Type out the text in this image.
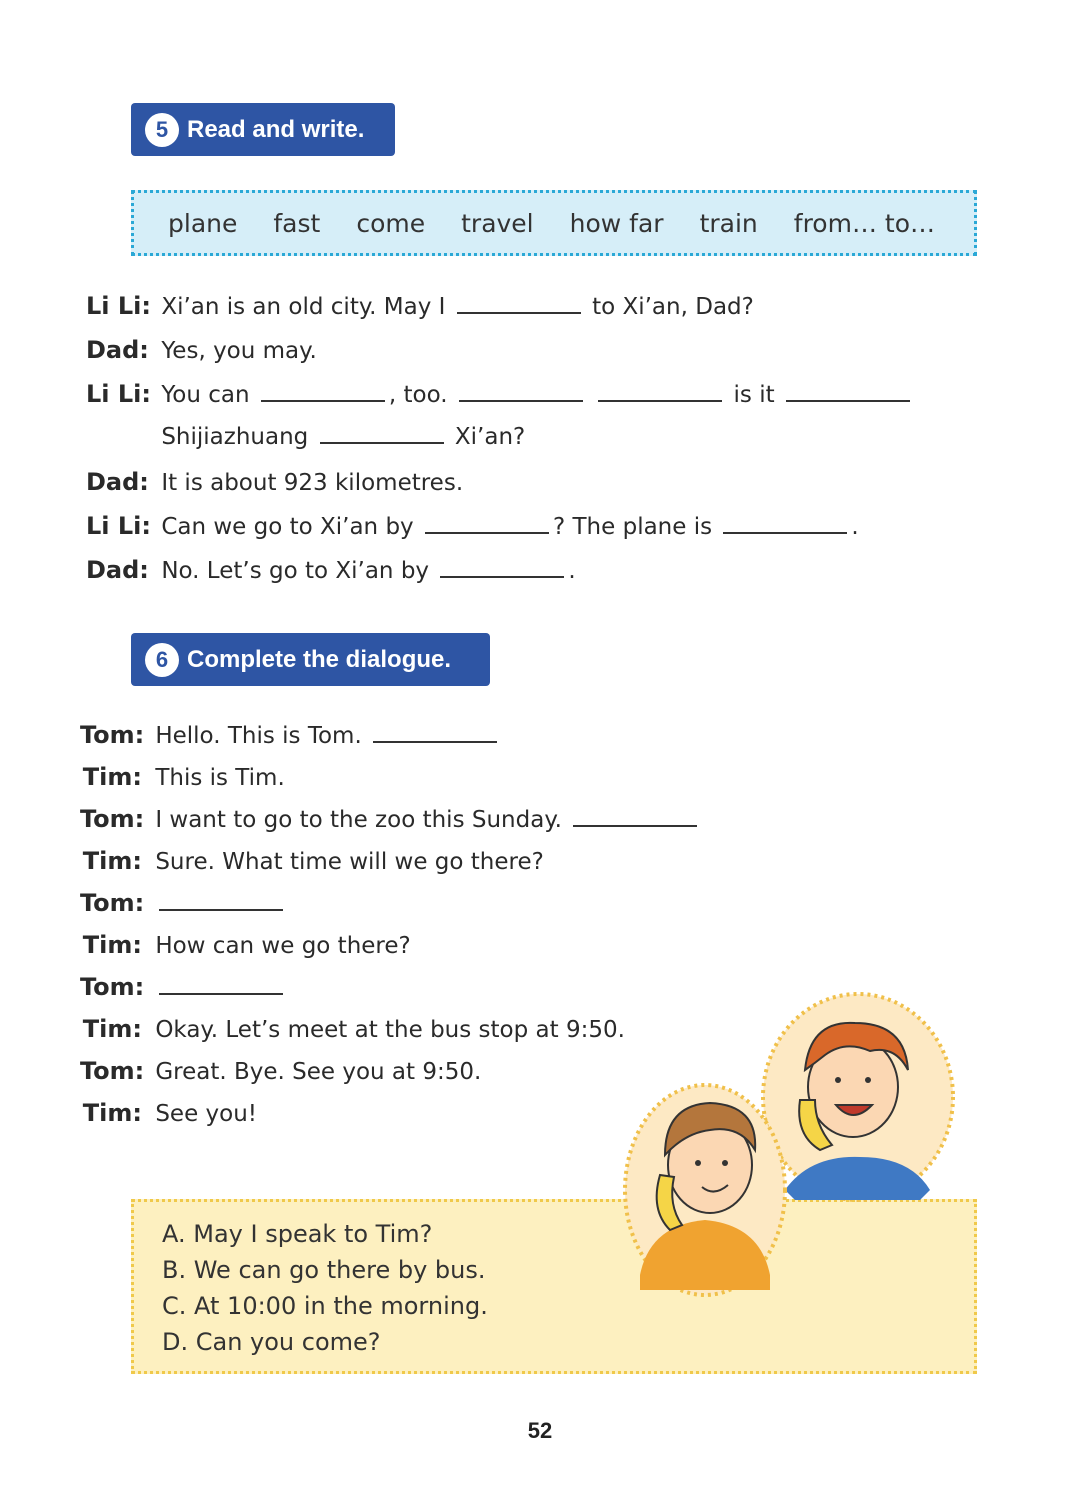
5 Read and write.
plane fast come travel how far train from… to…
Li Li: Xi’an is an old city. May I	to Xi’an, Dad?
Dad: Yes, you may.
Li Li: You can	, too.	is it
Shijiazhuang	Xi’an?
Dad: It is about 923 kilometres.
Li Li: Can we go to Xi’an by	? The plane is	.
Dad: No. Let’s go to Xi’an by	.
6 Complete the dialogue.
Tom: Hello. This is Tom.
Tim: This is Tim.
Tom: I want to go to the zoo this Sunday.
Tim: Sure. What time will we go there?
Tom:
Tim: How can we go there?
Tom:
Tim: Okay. Let’s meet at the bus stop at 9:50.
Tom: Great. Bye. See you at 9:50.
Tim: See you!
A. May I speak to Tim?
B. We can go there by bus.
C. At 10:00 in the morning.
D. Can you come?
52
